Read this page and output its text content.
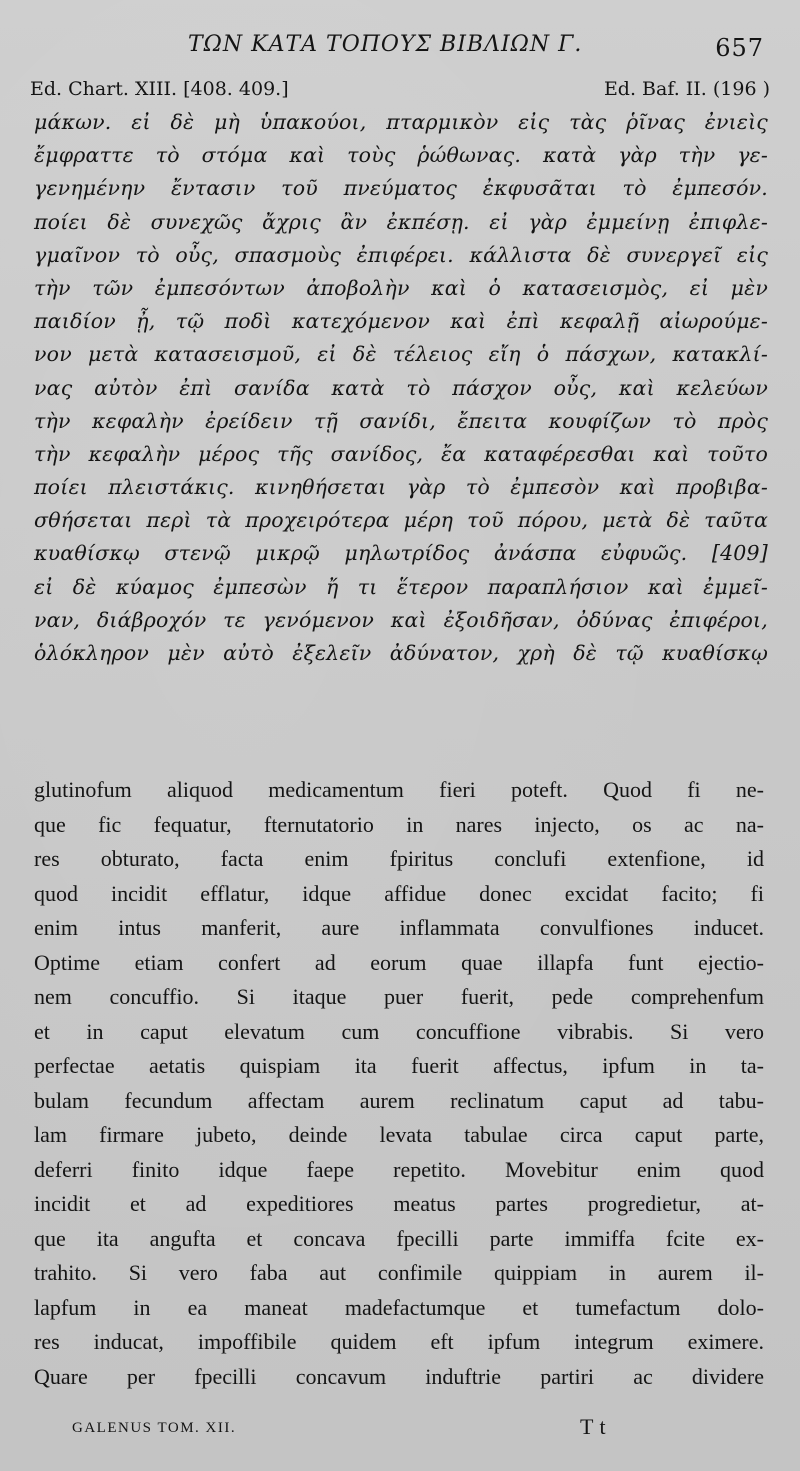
ΤΩΝ ΚΑΤΑ ΤΟΠΟΥΣ ΒΙΒΛΙΩΝ Γ.	657
Ed. Chart. XIII. [408. 409.]	Ed. Baf. II. (196 )
μάκων. εἰ δὲ μὴ ὑπακούοι, πταρμικὸν εἰς τὰς ῥῖνας ἐνιεὶς
ἔμφραττε τὸ στόμα καὶ τοὺς ῥώθωνας. κατὰ γὰρ τὴν γε-
γενημένην ἔντασιν τοῦ πνεύματος ἐκφυσᾶται τὸ ἐμπεσόν.
ποίει δὲ συνεχῶς ἄχρις ἂν ἐκπέσῃ. εἰ γὰρ ἐμμείνῃ ἐπιφλε-
γμαῖνον τὸ οὖς, σπασμοὺς ἐπιφέρει. κάλλιστα δὲ συνεργεῖ εἰς
τὴν τῶν ἐμπεσόντων ἀποβολὴν καὶ ὁ κατασεισμὸς, εἰ μὲν
παιδίον ᾖ, τῷ ποδὶ κατεχόμενον καὶ ἐπὶ κεφαλῇ αἰωρούμε-
νον μετὰ κατασεισμοῦ, εἰ δὲ τέλειος εἴη ὁ πάσχων, κατακλί-
νας αὐτὸν ἐπὶ σανίδα κατὰ τὸ πάσχον οὖς, καὶ κελεύων
τὴν κεφαλὴν ἐρείδειν τῇ σανίδι, ἔπειτα κουφίζων τὸ πρὸς
τὴν κεφαλὴν μέρος τῆς σανίδος, ἔα καταφέρεσθαι καὶ τοῦτο
ποίει πλειστάκις. κινηθήσεται γὰρ τὸ ἐμπεσὸν καὶ προβιβα-
σθήσεται περὶ τὰ προχειρότερα μέρη τοῦ πόρου, μετὰ δὲ ταῦτα
κυαθίσκῳ στενῷ μικρῷ μηλωτρίδος ἀνάσπα εὐφυῶς. [409]
εἰ δὲ κύαμος ἐμπεσὼν ἤ τι ἕτερον παραπλήσιον καὶ ἐμμεῖ-
ναν, διάβροχόν τε γενόμενον καὶ ἐξοιδῆσαν, ὀδύνας ἐπιφέροι,
ὁλόκληρον μὲν αὐτὸ ἐξελεῖν ἀδύνατον, χρὴ δὲ τῷ κυαθίσκῳ
glutinofum aliquod medicamentum fieri poteft. Quod fi ne-
que fic fequatur, fternutatorio in nares injecto, os ac na-
res obturato, facta enim fpiritus conclufi extenfione, id
quod incidit efflatur, idque affidue donec excidat facito; fi
enim intus manferit, aure inflammata convulfiones inducet.
Optime etiam confert ad eorum quae illapfa funt ejectio-
nem concuffio. Si itaque puer fuerit, pede comprehenfum
et in caput elevatum cum concuffione vibrabis. Si vero
perfectae aetatis quispiam ita fuerit affectus, ipfum in ta-
bulam fecundum affectam aurem reclinatum caput ad tabu-
lam firmare jubeto, deinde levata tabulae circa caput parte,
deferri finito idque faepe repetito. Movebitur enim quod
incidit et ad expeditiores meatus partes progredietur, at-
que ita angufta et concava fpecilli parte immiffa fcite ex-
trahito. Si vero faba aut confimile quippiam in aurem il-
lapfum in ea maneat madefactumque et tumefactum dolo-
res inducat, impoffibile quidem eft ipfum integrum eximere.
Quare per fpecilli concavum induftrie partiri ac dividere
GALENUS TOM. XII.	Tt
